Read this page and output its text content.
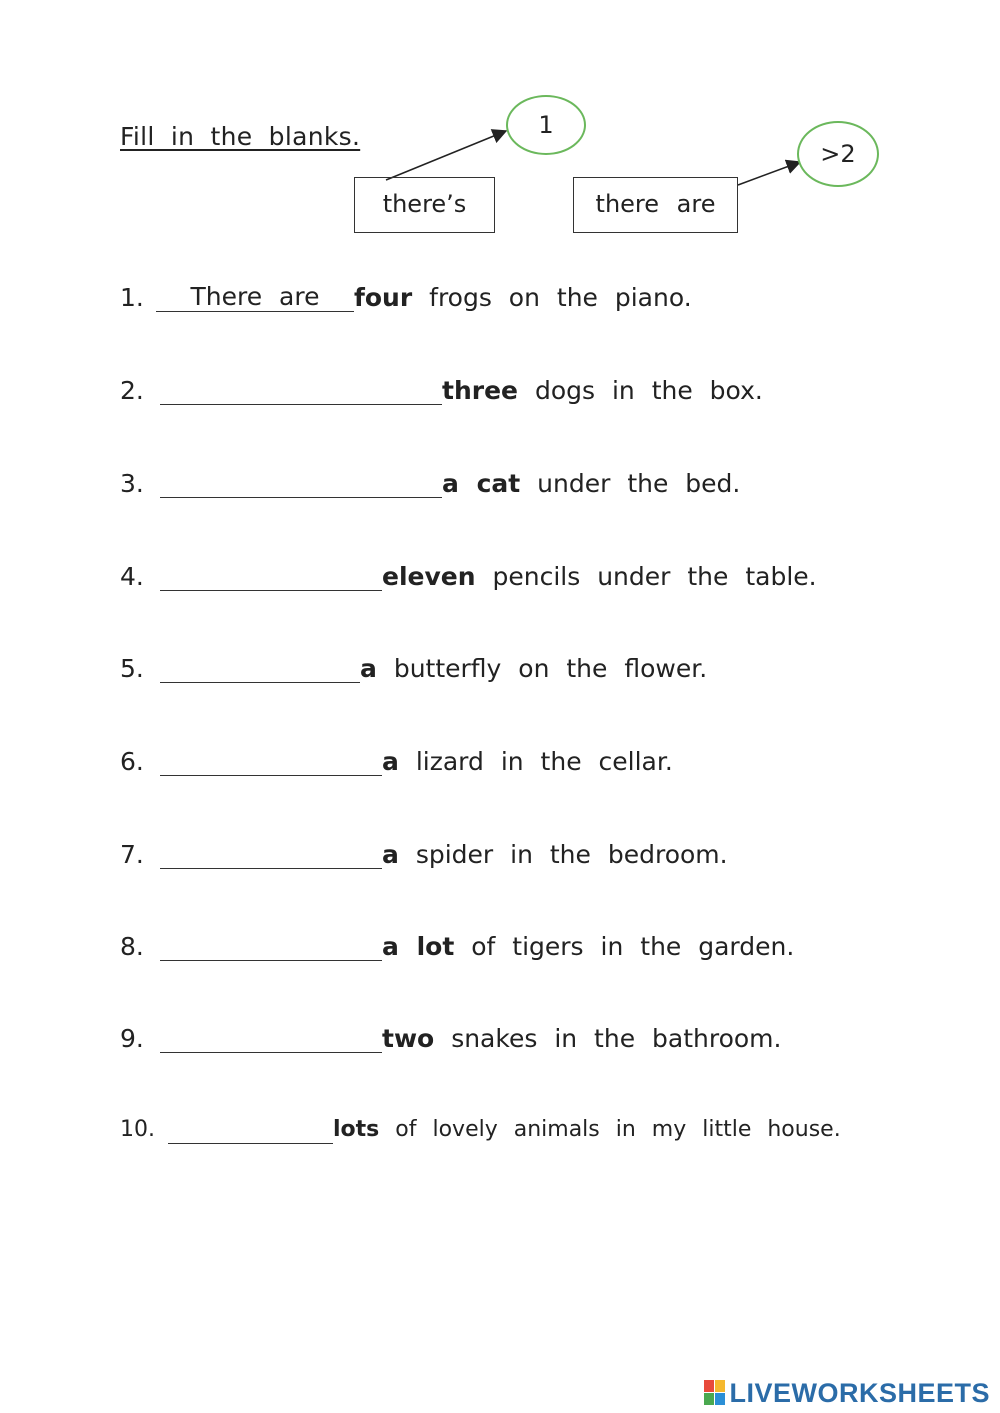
Fill in the blanks.	1
>2
there’s	there are
1. There are four frogs on the piano.
2.	three dogs in the box.
3.	a cat under the bed.
4.	eleven pencils under the table.
5.	a butterfly on the flower.
6.	a lizard in the cellar.
7.	a spider in the bedroom.
8.	a lot of tigers in the garden.
9.	two snakes in the bathroom.
10.	lots of lovely animals in my little house.
LIVEWORKSHEETS
